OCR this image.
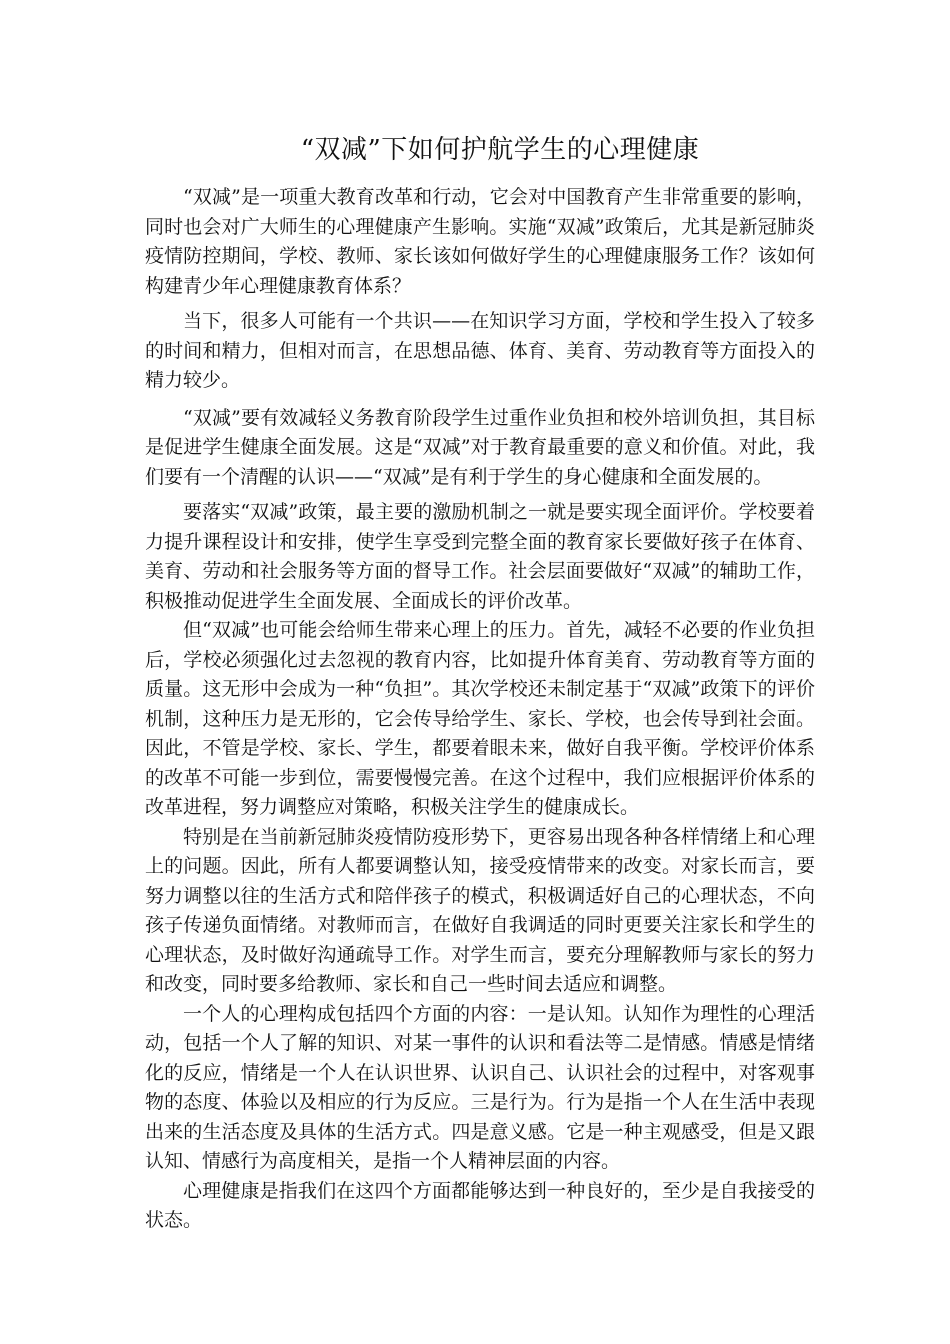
“双减”下如何护航学生的心理健康

“双减”是一项重大教育改革和行动，它会对中国教育产生非常重要的影响，同时也会对广大师生的心理健康产生影响。实施“双减”政策后，尤其是新冠肺炎疫情防控期间，学校、教师、家长该如何做好学生的心理健康服务工作？该如何构建青少年心理健康教育体系？

当下，很多人可能有一个共识——在知识学习方面，学校和学生投入了较多的时间和精力，但相对而言，在思想品德、体育、美育、劳动教育等方面投入的精力较少。

“双减”要有效减轻义务教育阶段学生过重作业负担和校外培训负担，其目标是促进学生健康全面发展。这是“双减”对于教育最重要的意义和价值。对此，我们要有一个清醒的认识——“双减”是有利于学生的身心健康和全面发展的。

要落实“双减”政策，最主要的激励机制之一就是要实现全面评价。学校要着力提升课程设计和安排，使学生享受到完整全面的教育家长要做好孩子在体育、美育、劳动和社会服务等方面的督导工作。社会层面要做好“双减”的辅助工作，积极推动促进学生全面发展、全面成长的评价改革。

但“双减”也可能会给师生带来心理上的压力。首先，减轻不必要的作业负担后，学校必须强化过去忽视的教育内容，比如提升体育美育、劳动教育等方面的质量。这无形中会成为一种“负担”。其次学校还未制定基于“双减”政策下的评价机制，这种压力是无形的，它会传导给学生、家长、学校，也会传导到社会面。因此，不管是学校、家长、学生，都要着眼未来，做好自我平衡。学校评价体系的改革不可能一步到位，需要慢慢完善。在这个过程中，我们应根据评价体系的改革进程，努力调整应对策略，积极关注学生的健康成长。

特别是在当前新冠肺炎疫情防疫形势下，更容易出现各种各样情绪上和心理上的问题。因此，所有人都要调整认知，接受疫情带来的改变。对家长而言，要努力调整以往的生活方式和陪伴孩子的模式，积极调适好自己的心理状态，不向孩子传递负面情绪。对教师而言，在做好自我调适的同时更要关注家长和学生的心理状态，及时做好沟通疏导工作。对学生而言，要充分理解教师与家长的努力和改变，同时要多给教师、家长和自己一些时间去适应和调整。

一个人的心理构成包括四个方面的内容：一是认知。认知作为理性的心理活动，包括一个人了解的知识、对某一事件的认识和看法等二是情感。情感是情绪化的反应，情绪是一个人在认识世界、认识自己、认识社会的过程中，对客观事物的态度、体验以及相应的行为反应。三是行为。行为是指一个人在生活中表现出来的生活态度及具体的生活方式。四是意义感。它是一种主观感受，但是又跟认知、情感行为高度相关，是指一个人精神层面的内容。

心理健康是指我们在这四个方面都能够达到一种良好的，至少是自我接受的状态。
